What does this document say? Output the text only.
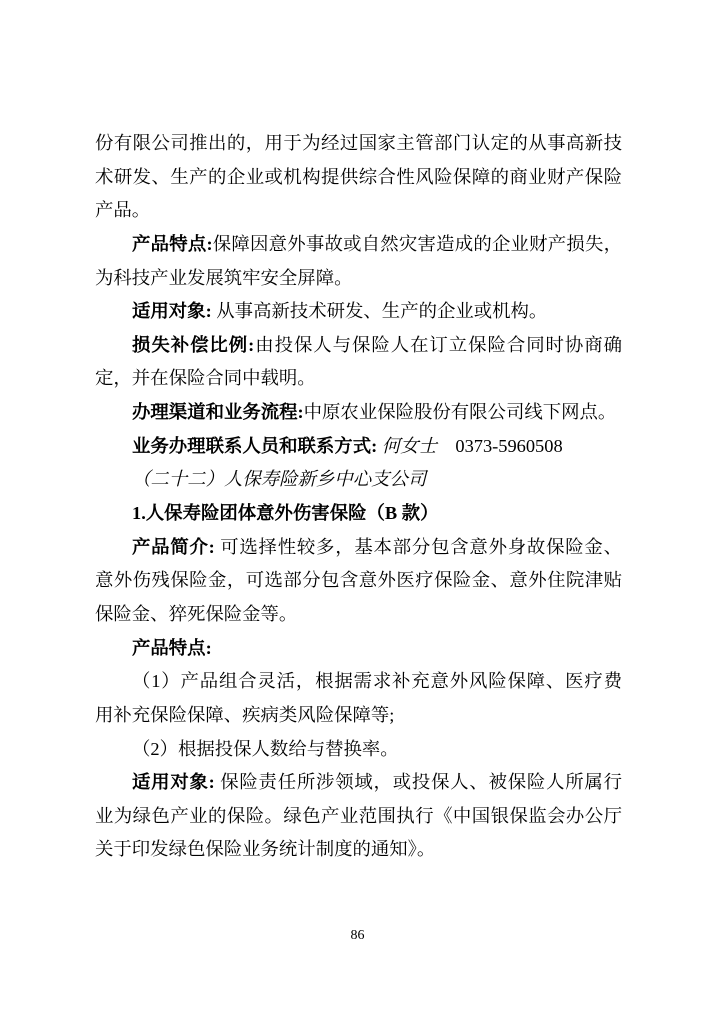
份有限公司推出的，用于为经过国家主管部门认定的从事高新技
术研发、生产的企业或机构提供综合性风险保障的商业财产保险
产品。
产品特点:保障因意外事故或自然灾害造成的企业财产损失，
为科技产业发展筑牢安全屏障。
适用对象: 从事高新技术研发、生产的企业或机构。
损失补偿比例:由投保人与保险人在订立保险合同时协商确
定，并在保险合同中载明。
办理渠道和业务流程:中原农业保险股份有限公司线下网点。
业务办理联系人员和联系方式: 何女士　0373-5960508
（二十二）人保寿险新乡中心支公司
1.人保寿险团体意外伤害保险（B 款）
产品简介: 可选择性较多，基本部分包含意外身故保险金、
意外伤残保险金，可选部分包含意外医疗保险金、意外住院津贴
保险金、猝死保险金等。
产品特点:
（1）产品组合灵活，根据需求补充意外风险保障、医疗费
用补充保险保障、疾病类风险保障等;
（2）根据投保人数给与替换率。
适用对象: 保险责任所涉领域，或投保人、被保险人所属行
业为绿色产业的保险。绿色产业范围执行《中国银保监会办公厅
关于印发绿色保险业务统计制度的通知》。
86
